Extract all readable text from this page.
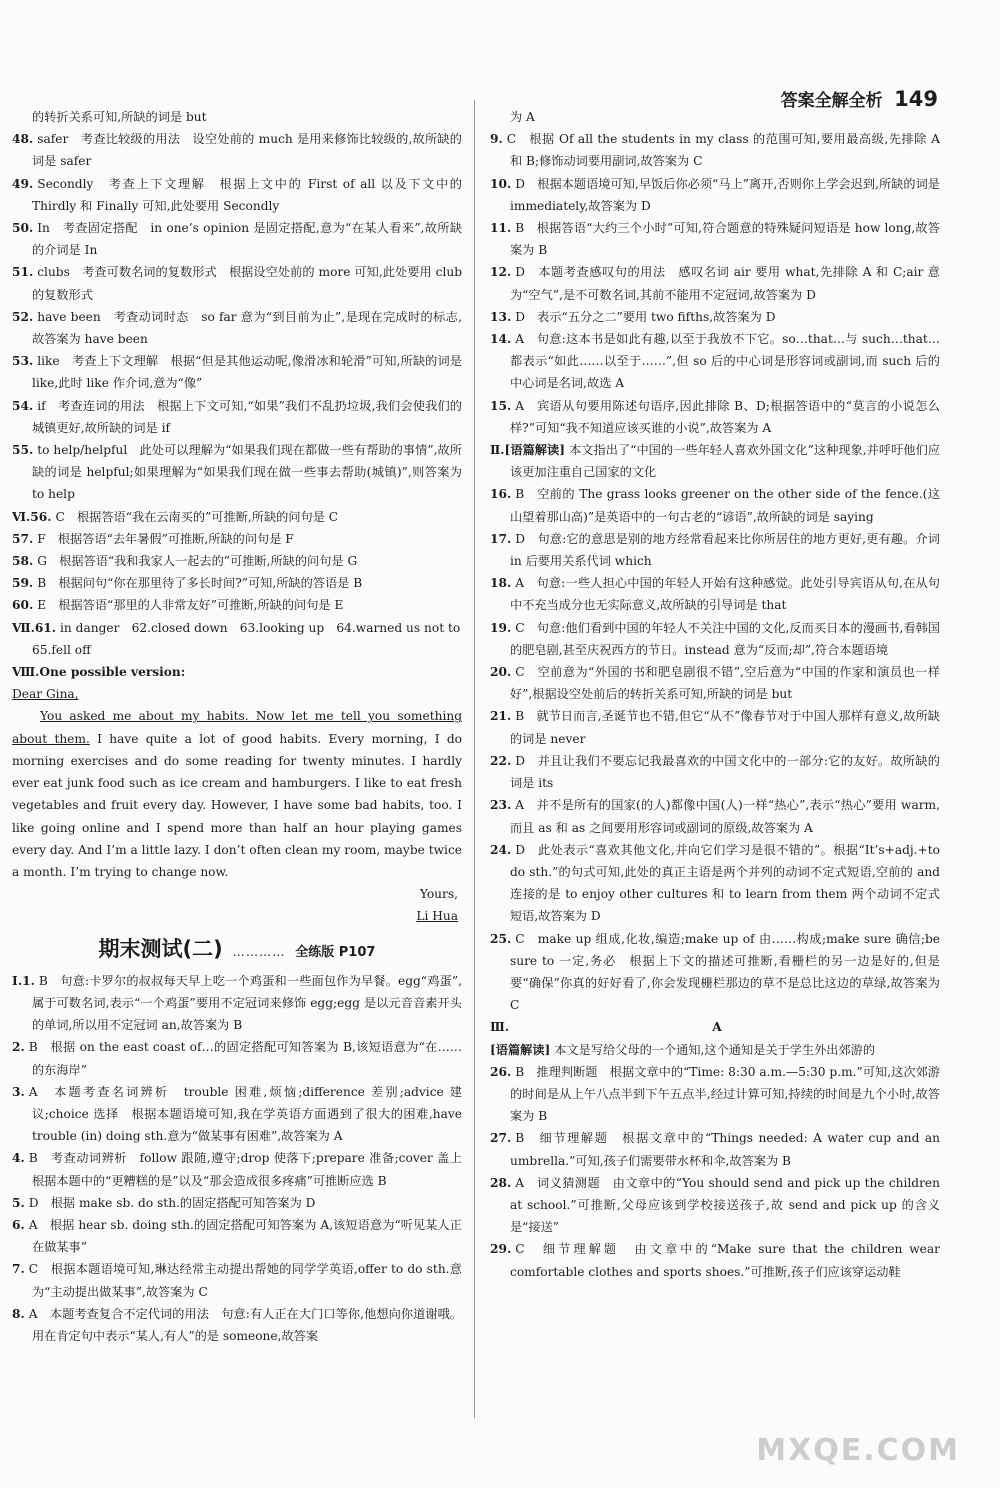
答案全解全析 149

的转折关系可知,所缺的词是 but

48. safer　考查比较级的用法　设空处前的 much 是用来修饰比较级的,故所缺的词是 safer

49. Secondly　考查上下文理解　根据上文中的 First of all 以及下文中的 Thirdly 和 Finally 可知,此处要用 Secondly

50. In　考查固定搭配　in one’s opinion 是固定搭配,意为“在某人看来”,故所缺的介词是 In

51. clubs　考查可数名词的复数形式　根据设空处前的 more 可知,此处要用 club 的复数形式

52. have been　考查动词时态　so far 意为“到目前为止”,是现在完成时的标志,故答案为 have been

53. like　考查上下文理解　根据“但是其他运动呢,像滑冰和轮滑”可知,所缺的词是 like,此时 like 作介词,意为“像”

54. if　考查连词的用法　根据上下文可知,“如果”我们不乱扔垃圾,我们会使我们的城镇更好,故所缺的词是 if

55. to help/helpful　此处可以理解为“如果我们现在都做一些有帮助的事情”,故所缺的词是 helpful;如果理解为“如果我们现在做一些事去帮助(城镇)”,则答案为 to help

Ⅵ.56. C　根据答语“我在云南买的”可推断,所缺的问句是 C

57. F　根据答语“去年暑假”可推断,所缺的问句是 F

58. G　根据答语“我和我家人一起去的”可推断,所缺的问句是 G

59. B　根据问句“你在那里待了多长时间?”可知,所缺的答语是 B

60. E　根据答语“那里的人非常友好”可推断,所缺的问句是 E

Ⅶ.61. in danger　62.closed down　63.looking up　64.warned us not to

65.fell off

Ⅷ.One possible version:

Dear Gina,

You asked me about my habits. Now let me tell you something about them. I have quite a lot of good habits. Every morning, I do morning exercises and do some reading for twenty minutes. I hardly ever eat junk food such as ice cream and hamburgers. I like to eat fresh vegetables and fruit every day. However, I have some bad habits, too. I like going online and I spend more than half an hour playing games every day. And I’m a little lazy. I don’t often clean my room, maybe twice a month. I’m trying to change now.

Yours,

Li Hua

期末测试(二) ………… 全练版 P107

Ⅰ.1. B　句意:卡罗尔的叔叔每天早上吃一个鸡蛋和一些面包作为早餐。egg“鸡蛋”,属于可数名词,表示“一个鸡蛋”要用不定冠词来修饰 egg;egg 是以元音音素开头的单词,所以用不定冠词 an,故答案为 B

2. B　根据 on the east coast of…的固定搭配可知答案为 B,该短语意为“在……的东海岸”

3. A　本题考查名词辨析　trouble 困难,烦恼;difference 差别;advice 建议;choice 选择　根据本题语境可知,我在学英语方面遇到了很大的困难,have trouble (in) doing sth.意为“做某事有困难”,故答案为 A

4. B　考查动词辨析　follow 跟随,遵守;drop 使落下;prepare 准备;cover 盖上　根据本题中的“更糟糕的是”以及“那会造成很多疼痛”可推断应选 B

5. D　根据 make sb. do sth.的固定搭配可知答案为 D

6. A　根据 hear sb. doing sth.的固定搭配可知答案为 A,该短语意为“听见某人正在做某事”

7. C　根据本题语境可知,琳达经常主动提出帮她的同学学英语,offer to do sth.意为“主动提出做某事”,故答案为 C

8. A　本题考查复合不定代词的用法　句意:有人正在大门口等你,他想向你道谢哦。用在肯定句中表示“某人,有人”的是 someone,故答案

为 A

9. C　根据 Of all the students in my class 的范围可知,要用最高级,先排除 A 和 B;修饰动词要用副词,故答案为 C

10. D　根据本题语境可知,早饭后你必须“马上”离开,否则你上学会迟到,所缺的词是 immediately,故答案为 D

11. B　根据答语“大约三个小时”可知,符合题意的特殊疑问短语是 how long,故答案为 B

12. D　本题考查感叹句的用法　感叹名词 air 要用 what,先排除 A 和 C;air 意为“空气”,是不可数名词,其前不能用不定冠词,故答案为 D

13. D　表示“五分之二”要用 two fifths,故答案为 D

14. A　句意:这本书是如此有趣,以至于我放不下它。so…that…与 such…that…都表示“如此……以至于……”,但 so 后的中心词是形容词或副词,而 such 后的中心词是名词,故选 A

15. A　宾语从句要用陈述句语序,因此排除 B、D;根据答语中的“莫言的小说怎么样?”可知“我不知道应该买谁的小说”,故答案为 A

Ⅱ.[语篇解读] 本文指出了“中国的一些年轻人喜欢外国文化”这种现象,并呼吁他们应该更加注重自己国家的文化

16. B　空前的 The grass looks greener on the other side of the fence.(这山望着那山高)”是英语中的一句古老的“谚语”,故所缺的词是 saying

17. D　句意:它的意思是别的地方经常看起来比你所居住的地方更好,更有趣。介词 in 后要用关系代词 which

18. A　句意:一些人担心中国的年轻人开始有这种感觉。此处引导宾语从句,在从句中不充当成分也无实际意义,故所缺的引导词是 that

19. C　句意:他们看到中国的年轻人不关注中国的文化,反而买日本的漫画书,看韩国的肥皂剧,甚至庆祝西方的节日。instead 意为“反而;却”,符合本题语境

20. C　空前意为“外国的书和肥皂剧很不错”,空后意为“中国的作家和演员也一样好”,根据设空处前后的转折关系可知,所缺的词是 but

21. B　就节日而言,圣诞节也不错,但它“从不”像春节对于中国人那样有意义,故所缺的词是 never

22. D　并且让我们不要忘记我最喜欢的中国文化中的一部分:它的友好。故所缺的词是 its

23. A　并不是所有的国家(的人)都像中国(人)一样“热心”,表示“热心”要用 warm,而且 as 和 as 之间要用形容词或副词的原级,故答案为 A

24. D　此处表示“喜欢其他文化,并向它们学习是很不错的”。根据“It’s+adj.+to do sth.”的句式可知,此处的真正主语是两个并列的动词不定式短语,空前的 and 连接的是 to enjoy other cultures 和 to learn from them 两个动词不定式短语,故答案为 D

25. C　make up 组成,化妆,编造;make up of 由……构成;make sure 确信;be sure to 一定,务必　根据上下文的描述可推断,看栅栏的另一边是好的,但是要“确保”你真的好好看了,你会发现栅栏那边的草不是总比这边的草绿,故答案为 C

Ⅲ.	A

[语篇解读] 本文是写给父母的一个通知,这个通知是关于学生外出郊游的

26. B　推理判断题　根据文章中的“Time: 8:30 a.m.—5:30 p.m.”可知,这次郊游的时间是从上午八点半到下午五点半,经过计算可知,持续的时间是九个小时,故答案为 B

27. B　细节理解题　根据文章中的“Things needed: A water cup and an umbrella.”可知,孩子们需要带水杯和伞,故答案为 B

28. A　词义猜测题　由文章中的“You should send and pick up the children at school.”可推断,父母应该到学校接送孩子,故 send and pick up 的含义是“接送”

29. C　细节理解题　由文章中的“Make sure that the children wear comfortable clothes and sports shoes.”可推断,孩子们应该穿运动鞋

MXQE.COM
